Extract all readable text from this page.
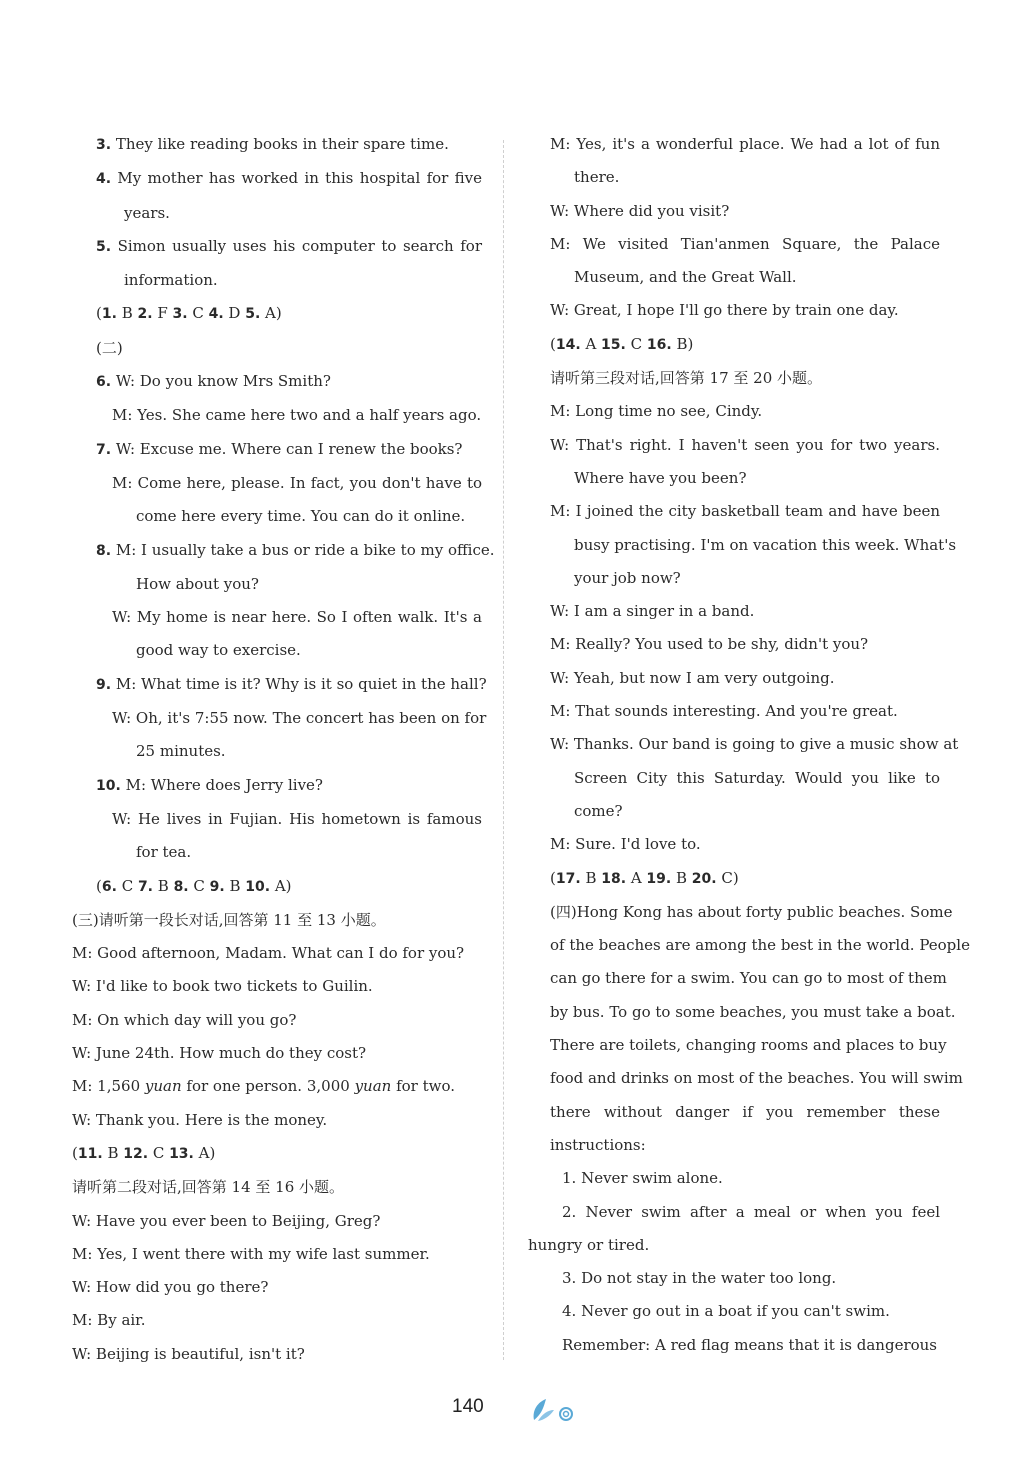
3. They like reading books in their spare time.
4. My mother has worked in this hospital for five
years.
5. Simon usually uses his computer to search for
information.
(1. B 2. F 3. C 4. D 5. A)
(二)
6. W: Do you know Mrs Smith?
M: Yes. She came here two and a half years ago.
7. W: Excuse me. Where can I renew the books?
M: Come here, please. In fact, you don't have to
come here every time. You can do it online.
8. M: I usually take a bus or ride a bike to my office.
How about you?
W: My home is near here. So I often walk. It's a
good way to exercise.
9. M: What time is it? Why is it so quiet in the hall?
W: Oh, it's 7:55 now. The concert has been on for
25 minutes.
10. M: Where does Jerry live?
W: He lives in Fujian. His hometown is famous
for tea.
(6. C 7. B 8. C 9. B 10. A)
(三)请听第一段长对话,回答第 11 至 13 小题。
M: Good afternoon, Madam. What can I do for you?
W: I'd like to book two tickets to Guilin.
M: On which day will you go?
W: June 24th. How much do they cost?
M: 1,560 yuan for one person. 3,000 yuan for two.
W: Thank you. Here is the money.
(11. B 12. C 13. A)
请听第二段对话,回答第 14 至 16 小题。
W: Have you ever been to Beijing, Greg?
M: Yes, I went there with my wife last summer.
W: How did you go there?
M: By air.
W: Beijing is beautiful, isn't it?
M: Yes, it's a wonderful place. We had a lot of fun
there.
W: Where did you visit?
M: We visited Tian'anmen Square, the Palace
Museum, and the Great Wall.
W: Great, I hope I'll go there by train one day.
(14. A 15. C 16. B)
请听第三段对话,回答第 17 至 20 小题。
M: Long time no see, Cindy.
W: That's right. I haven't seen you for two years.
Where have you been?
M: I joined the city basketball team and have been
busy practising. I'm on vacation this week. What's
your job now?
W: I am a singer in a band.
M: Really? You used to be shy, didn't you?
W: Yeah, but now I am very outgoing.
M: That sounds interesting. And you're great.
W: Thanks. Our band is going to give a music show at
Screen City this Saturday. Would you like to
come?
M: Sure. I'd love to.
(17. B 18. A 19. B 20. C)
(四)Hong Kong has about forty public beaches. Some
of the beaches are among the best in the world. People
can go there for a swim. You can go to most of them
by bus. To go to some beaches, you must take a boat.
There are toilets, changing rooms and places to buy
food and drinks on most of the beaches. You will swim
there without danger if you remember these
instructions:
1. Never swim alone.
2. Never swim after a meal or when you feel
hungry or tired.
3. Do not stay in the water too long.
4. Never go out in a boat if you can't swim.
Remember: A red flag means that it is dangerous
140
